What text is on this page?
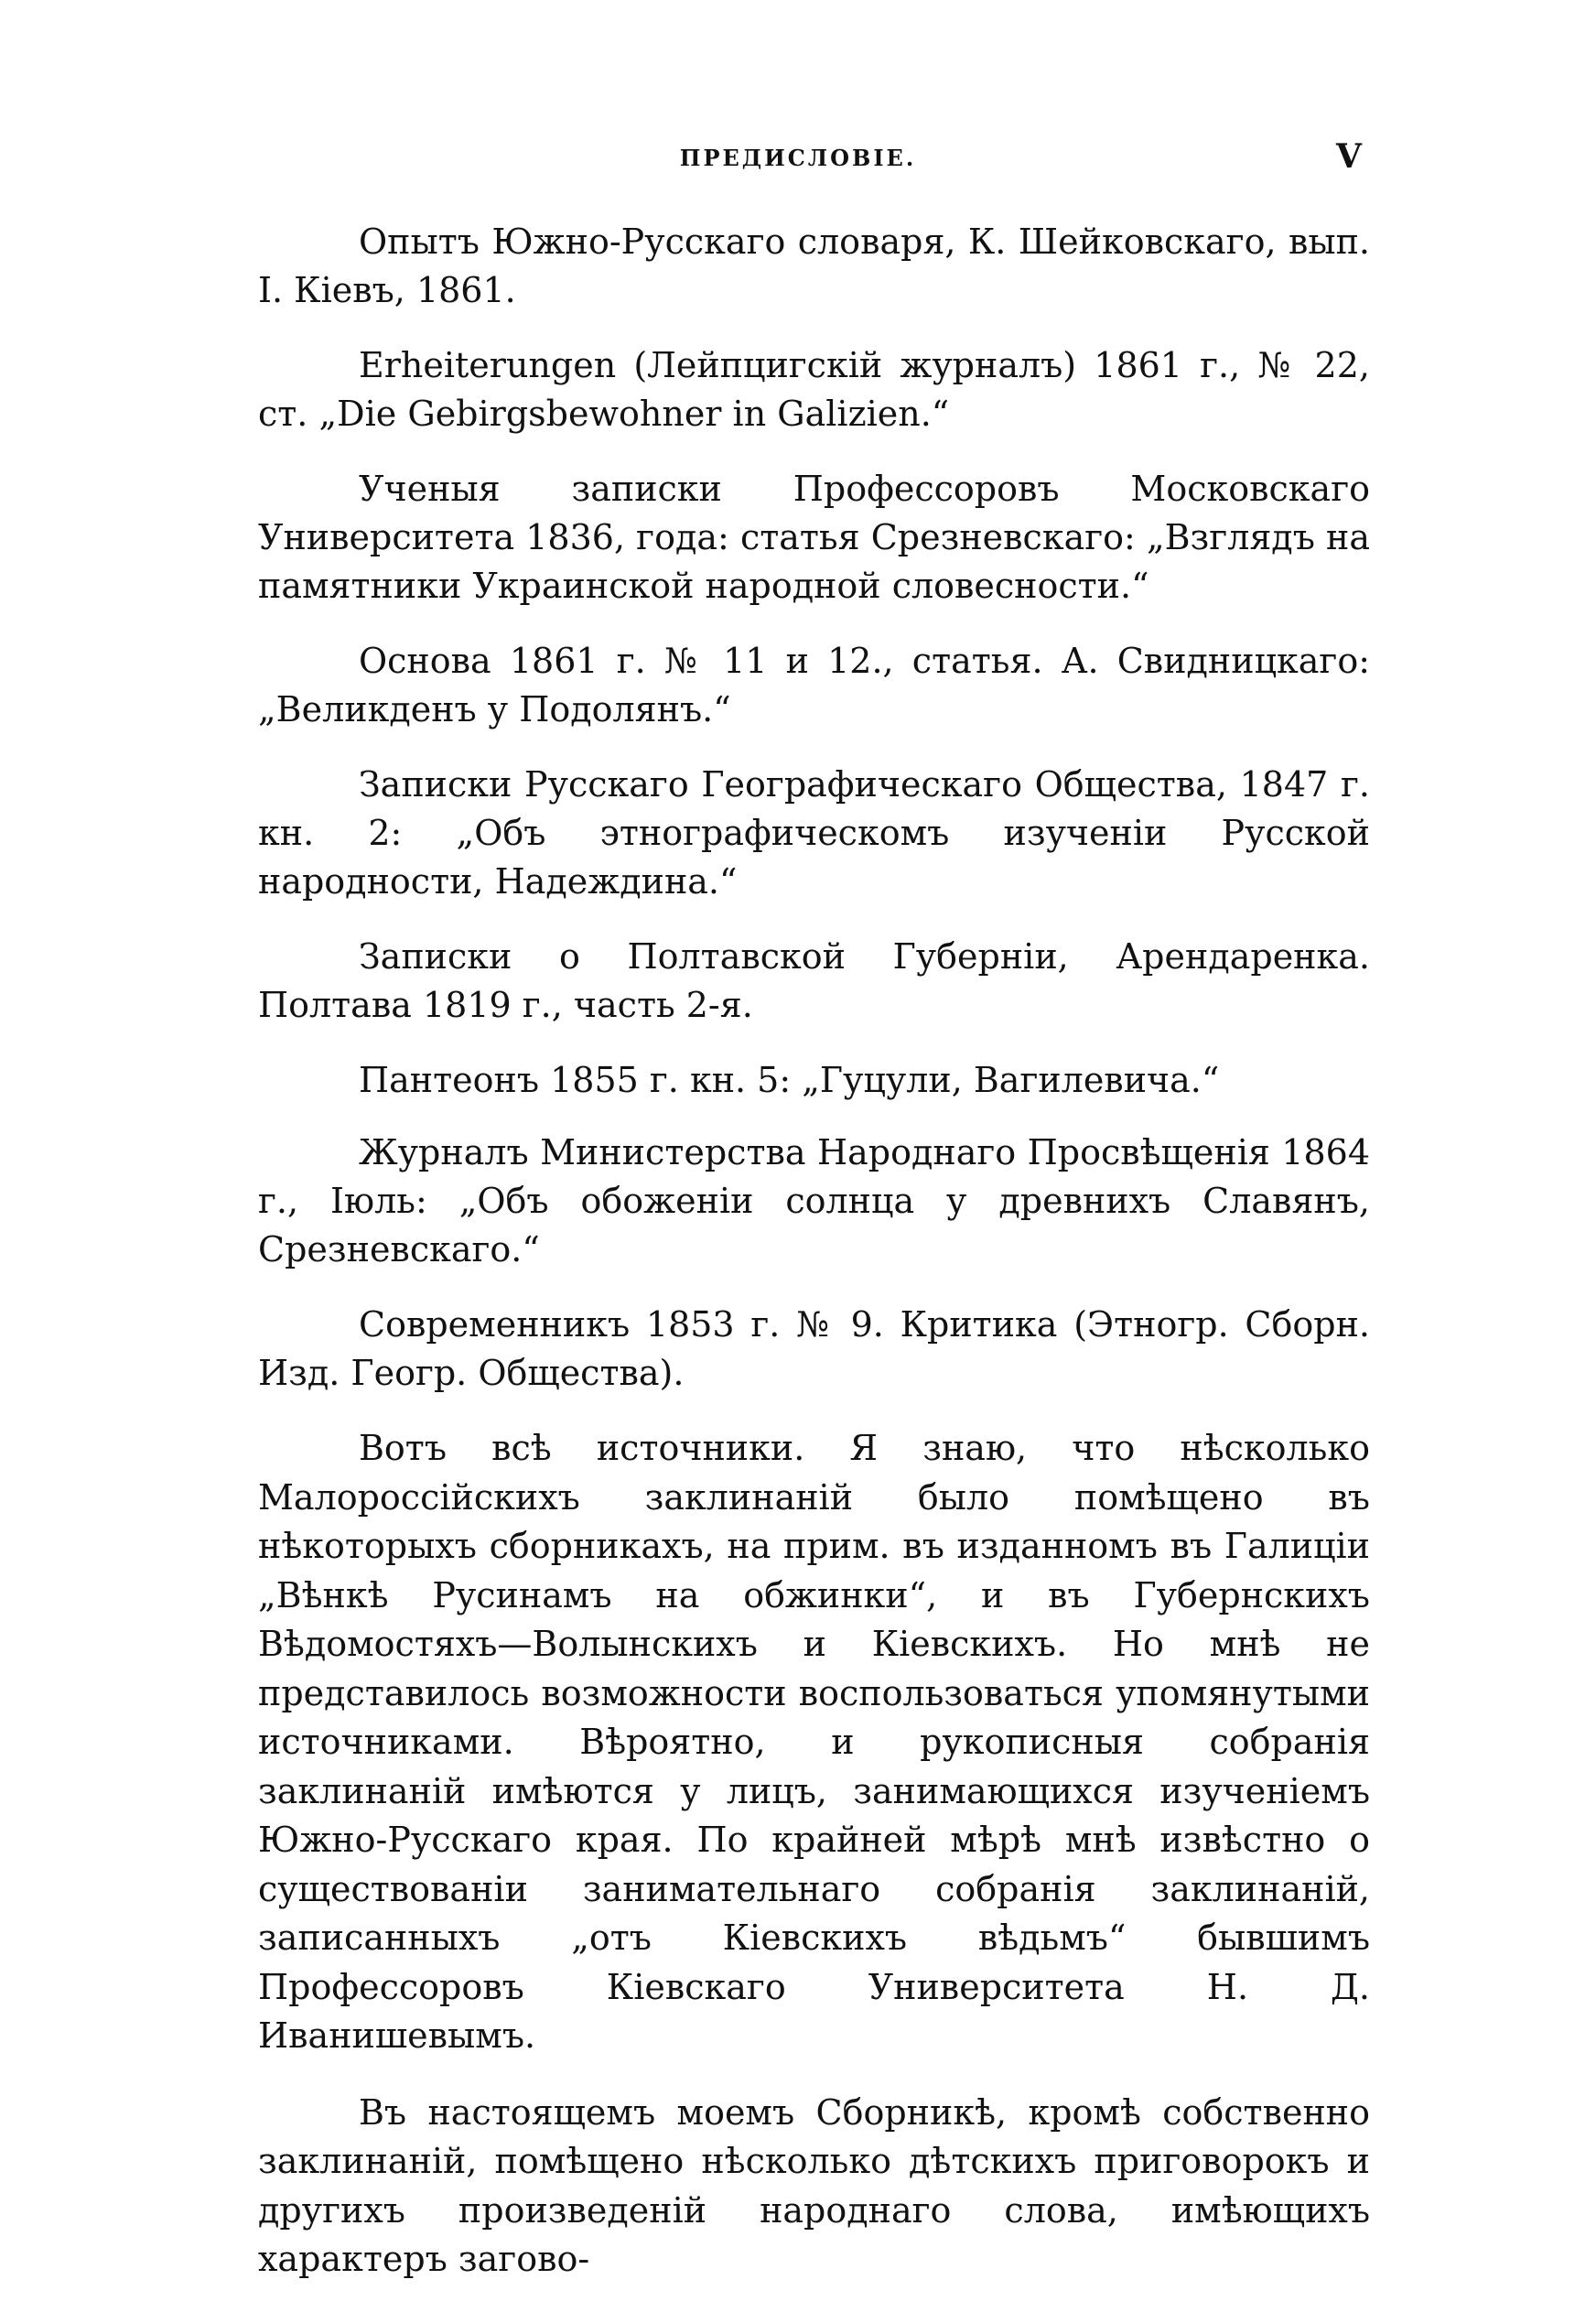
ПРЕДИСЛОВІЕ.	V

Опытъ Южно-Русскаго словаря, К. Шейковскаго, вып. I. Кіевъ, 1861.

Erheiterungen (Лейпцигскій журналъ) 1861 г., № 22, ст. „Die Gebirgsbewohner in Galizien.“

Ученыя записки Профессоровъ Московскаго Университета 1836, года: статья Срезневскаго: „Взглядъ на памятники Украинской народной словесности.“

Основа 1861 г. № 11 и 12., статья. А. Свидницкаго: „Великденъ у Подолянъ.“

Записки Русскаго Географическаго Общества, 1847 г. кн. 2: „Объ этнографическомъ изученіи Русской народности, Надеждина.“

Записки о Полтавской Губерніи, Арендаренка. Полтава 1819 г., часть 2-я.

Пантеонъ 1855 г. кн. 5: „Гуцули, Вагилевича.“

Журналъ Министерства Народнаго Просвѣщенія 1864 г., Іюль: „Объ обоженіи солнца у древнихъ Славянъ, Срезневскаго.“

Современникъ 1853 г. № 9. Критика (Этногр. Сборн. Изд. Геогр. Общества).

Вотъ всѣ источники. Я знаю, что нѣсколько Малороссійскихъ заклинаній было помѣщено въ нѣкоторыхъ сборникахъ, на прим. въ изданномъ въ Галиціи „Вѣнкѣ Русинамъ на обжинки“, и въ Губернскихъ Вѣдомостяхъ—Волынскихъ и Кіевскихъ. Но мнѣ не представилось возможности воспользоваться упомянутыми источниками. Вѣроятно, и рукописныя собранія заклинаній имѣются у лицъ, занимающихся изученіемъ Южно-Русскаго края. По крайней мѣрѣ мнѣ извѣстно о существованіи занимательнаго собранія заклинаній, записанныхъ „отъ Кіевскихъ вѣдьмъ“ бывшимъ Профессоровъ Кіевскаго Университета Н. Д. Иванишевымъ.

Въ настоящемъ моемъ Сборникѣ, кромѣ собственно заклинаній, помѣщено нѣсколько дѣтскихъ приговорокъ и другихъ произведеній народнаго слова, имѣющихъ характеръ загово-
